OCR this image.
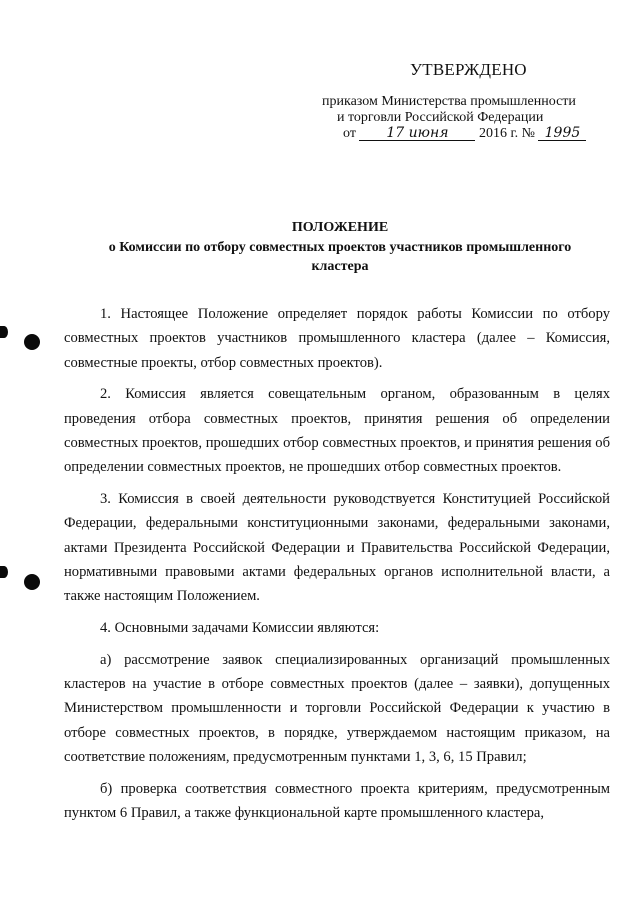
УТВЕРЖДЕНО
приказом Министерства промышленности
и торговли Российской Федерации
от 17 июня 2016 г. № 1995
ПОЛОЖЕНИЕ
о Комиссии по отбору совместных проектов участников промышленного кластера

1. Настоящее Положение определяет порядок работы Комиссии по отбору совместных проектов участников промышленного кластера (далее – Комиссия, совместные проекты, отбор совместных проектов).

2. Комиссия является совещательным органом, образованным в целях проведения отбора совместных проектов, принятия решения об определении совместных проектов, прошедших отбор совместных проектов, и принятия решения об определении совместных проектов, не прошедших отбор совместных проектов.

3. Комиссия в своей деятельности руководствуется Конституцией Российской Федерации, федеральными конституционными законами, федеральными законами, актами Президента Российской Федерации и Правительства Российской Федерации, нормативными правовыми актами федеральных органов исполнительной власти, а также настоящим Положением.

4. Основными задачами Комиссии являются:

а) рассмотрение заявок специализированных организаций промышленных кластеров на участие в отборе совместных проектов (далее – заявки), допущенных Министерством промышленности и торговли Российской Федерации к участию в отборе совместных проектов, в порядке, утверждаемом настоящим приказом, на соответствие положениям, предусмотренным пунктами 1, 3, 6, 15 Правил;

б) проверка соответствия совместного проекта критериям, предусмотренным пунктом 6 Правил, а также функциональной карте промышленного кластера,
